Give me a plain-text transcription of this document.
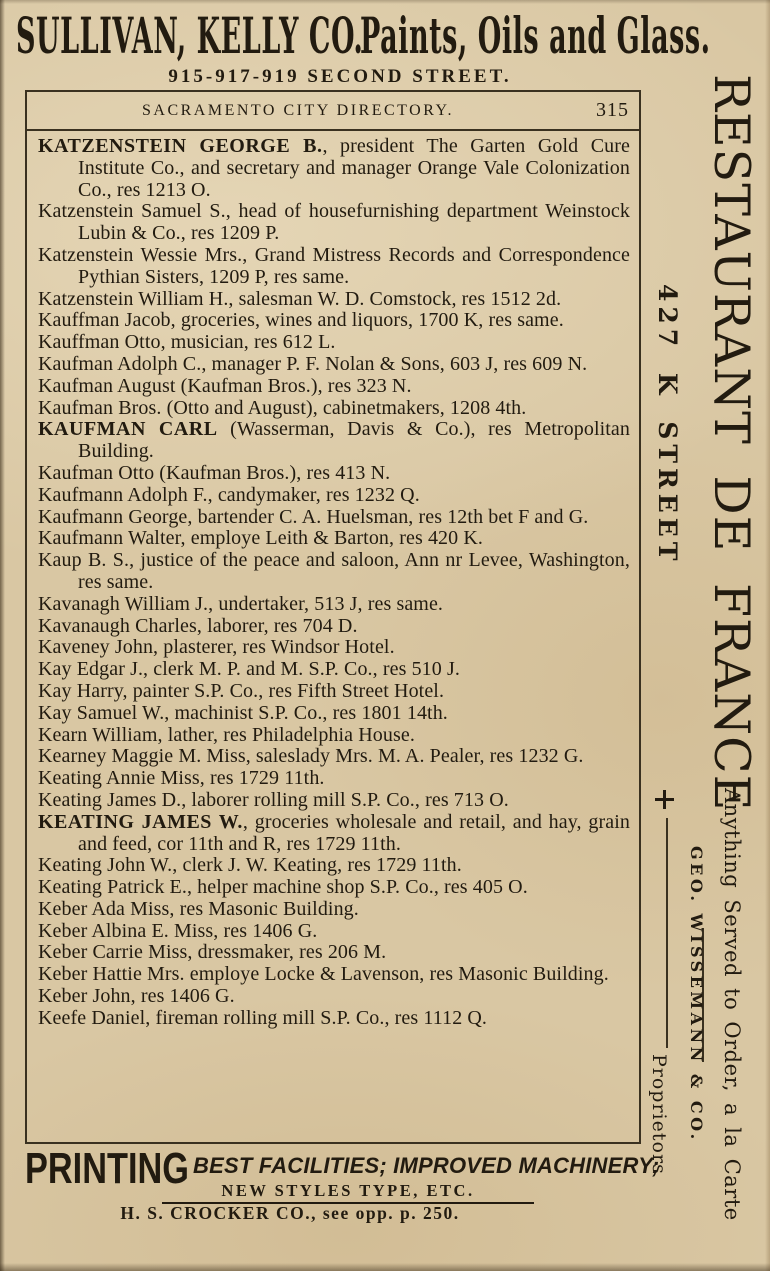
SULLIVAN, KELLY CO.
Paints, Oils and Glass.
915-917-919 SECOND STREET.
SACRAMENTO CITY DIRECTORY.	315

KATZENSTEIN GEORGE B., president The Garten Gold Cure Institute Co., and secretary and manager Orange Vale Colonization Co., res 1213 O.

Katzenstein Samuel S., head of housefurnishing department Weinstock Lubin & Co., res 1209 P.

Katzenstein Wessie Mrs., Grand Mistress Records and Correspondence Pythian Sisters, 1209 P, res same.

Katzenstein William H., salesman W. D. Comstock, res 1512 2d.

Kauffman Jacob, groceries, wines and liquors, 1700 K, res same.

Kauffman Otto, musician, res 612 L.

Kaufman Adolph C., manager P. F. Nolan & Sons, 603 J, res 609 N.

Kaufman August (Kaufman Bros.), res 323 N.

Kaufman Bros. (Otto and August), cabinetmakers, 1208 4th.

KAUFMAN CARL (Wasserman, Davis & Co.), res Metropolitan Building.

Kaufman Otto (Kaufman Bros.), res 413 N.

Kaufmann Adolph F., candymaker, res 1232 Q.

Kaufmann George, bartender C. A. Huelsman, res 12th bet F and G.

Kaufmann Walter, employe Leith & Barton, res 420 K.

Kaup B. S., justice of the peace and saloon, Ann nr Levee, Washington, res same.

Kavanagh William J., undertaker, 513 J, res same.

Kavanaugh Charles, laborer, res 704 D.

Kaveney John, plasterer, res Windsor Hotel.

Kay Edgar J., clerk M. P. and M. S.P. Co., res 510 J.

Kay Harry, painter S.P. Co., res Fifth Street Hotel.

Kay Samuel W., machinist S.P. Co., res 1801 14th.

Kearn William, lather, res Philadelphia House.

Kearney Maggie M. Miss, saleslady Mrs. M. A. Pealer, res 1232 G.

Keating Annie Miss, res 1729 11th.

Keating James D., laborer rolling mill S.P. Co., res 713 O.

KEATING JAMES W., groceries wholesale and retail, and hay, grain and feed, cor 11th and R, res 1729 11th.

Keating John W., clerk J. W. Keating, res 1729 11th.

Keating Patrick E., helper machine shop S.P. Co., res 405 O.

Keber Ada Miss, res Masonic Building.

Keber Albina E. Miss, res 1406 G.

Keber Carrie Miss, dressmaker, res 206 M.

Keber Hattie Mrs. employe Locke & Lavenson, res Masonic Building.

Keber John, res 1406 G.

Keefe Daniel, fireman rolling mill S.P. Co., res 1112 Q.

RESTAURANT DE FRANCE
427 K STREET
Anything Served to Order, a la Carte
GEO. WISSEMANN & CO.
Proprietors
PRINTING BEST FACILITIES; IMPROVED MACHINERY;
NEW STYLES TYPE, ETC.
H. S. CROCKER CO., see opp. p. 250.
